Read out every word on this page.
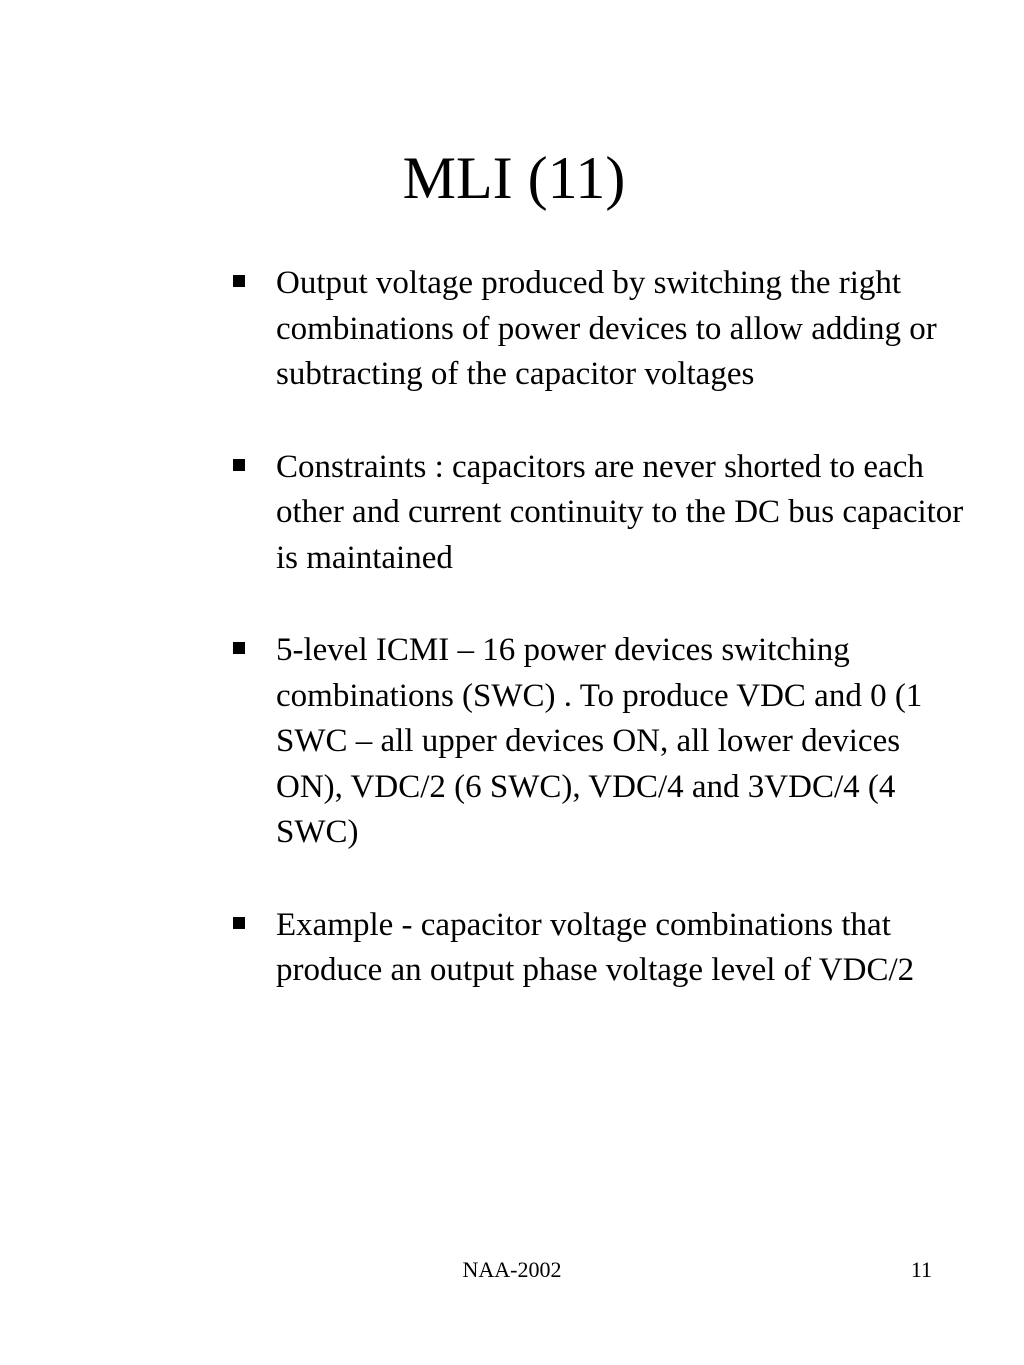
MLI (11)
Output voltage produced by switching the right combinations of power devices to allow adding or subtracting of the capacitor voltages
Constraints : capacitors are never shorted to each other and current continuity to the DC bus capacitor is maintained
5-level ICMI – 16 power devices switching combinations (SWC) . To produce VDC and 0 (1 SWC – all upper devices ON, all lower devices ON), VDC/2 (6 SWC), VDC/4 and 3VDC/4 (4 SWC)
Example - capacitor voltage combinations that produce an output phase voltage level of VDC/2
NAA-2002	11
